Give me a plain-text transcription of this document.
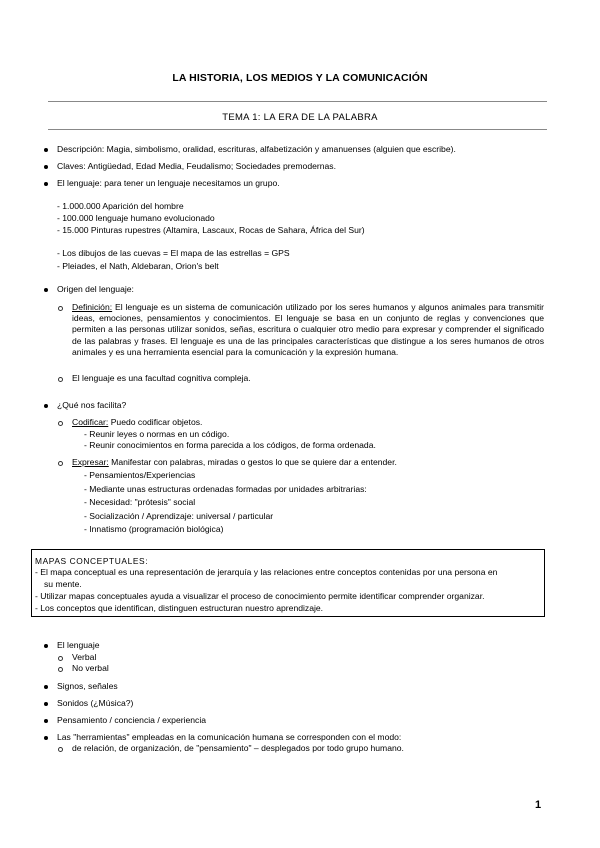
LA HISTORIA, LOS MEDIOS Y LA COMUNICACIÓN
TEMA 1: LA ERA DE LA PALABRA
Descripción: Magia, simbolismo, oralidad, escrituras, alfabetización y amanuenses (alguien que escribe).
Claves: Antigüedad, Edad Media, Feudalismo; Sociedades premodernas.
El lenguaje: para tener un lenguaje necesitamos un grupo.
- 1.000.000 Aparición del hombre
- 100.000 lenguaje humano evolucionado
- 15.000 Pinturas rupestres (Altamira, Lascaux, Rocas de Sahara, África del Sur)
- Los dibujos de las cuevas = El mapa de las estrellas = GPS
- Pleiades, el Nath, Aldebaran, Orion's belt
Origen del lenguaje:
Definición: El lenguaje es un sistema de comunicación utilizado por los seres humanos y algunos animales para transmitir ideas, emociones, pensamientos y conocimientos. El lenguaje se basa en un conjunto de reglas y convenciones que permiten a las personas utilizar sonidos, señas, escritura o cualquier otro medio para expresar y comprender el significado de las palabras y frases. El lenguaje es una de las principales características que distingue a los seres humanos de otros animales y es una herramienta esencial para la comunicación y la expresión humana.
El lenguaje es una facultad cognitiva compleja.
¿Qué nos facilita?
Codificar: Puedo codificar objetos.
- Reunir leyes o normas en un código.
- Reunir conocimientos en forma parecida a los códigos, de forma ordenada.
Expresar: Manifestar con palabras, miradas o gestos lo que se quiere dar a entender.
- Pensamientos/Experiencias
- Mediante unas estructuras ordenadas formadas por unidades arbitrarias:
- Necesidad: "prótesis" social
- Socialización / Aprendizaje: universal / particular
- Innatismo (programación biológica)
MAPAS CONCEPTUALES:
- El mapa conceptual es una representación de jerarquía y las relaciones entre conceptos contenidas por una persona en
su mente.
- Utilizar mapas conceptuales ayuda a visualizar el proceso de conocimiento permite identificar comprender organizar.
- Los conceptos que identifican, distinguen estructuran nuestro aprendizaje.
El lenguaje
Verbal
No verbal
Signos, señales
Sonidos (¿Música?)
Pensamiento / conciencia / experiencia
Las "herramientas" empleadas en la comunicación humana se corresponden con el modo:
de relación, de organización, de "pensamiento" – desplegados por todo grupo humano.
1
